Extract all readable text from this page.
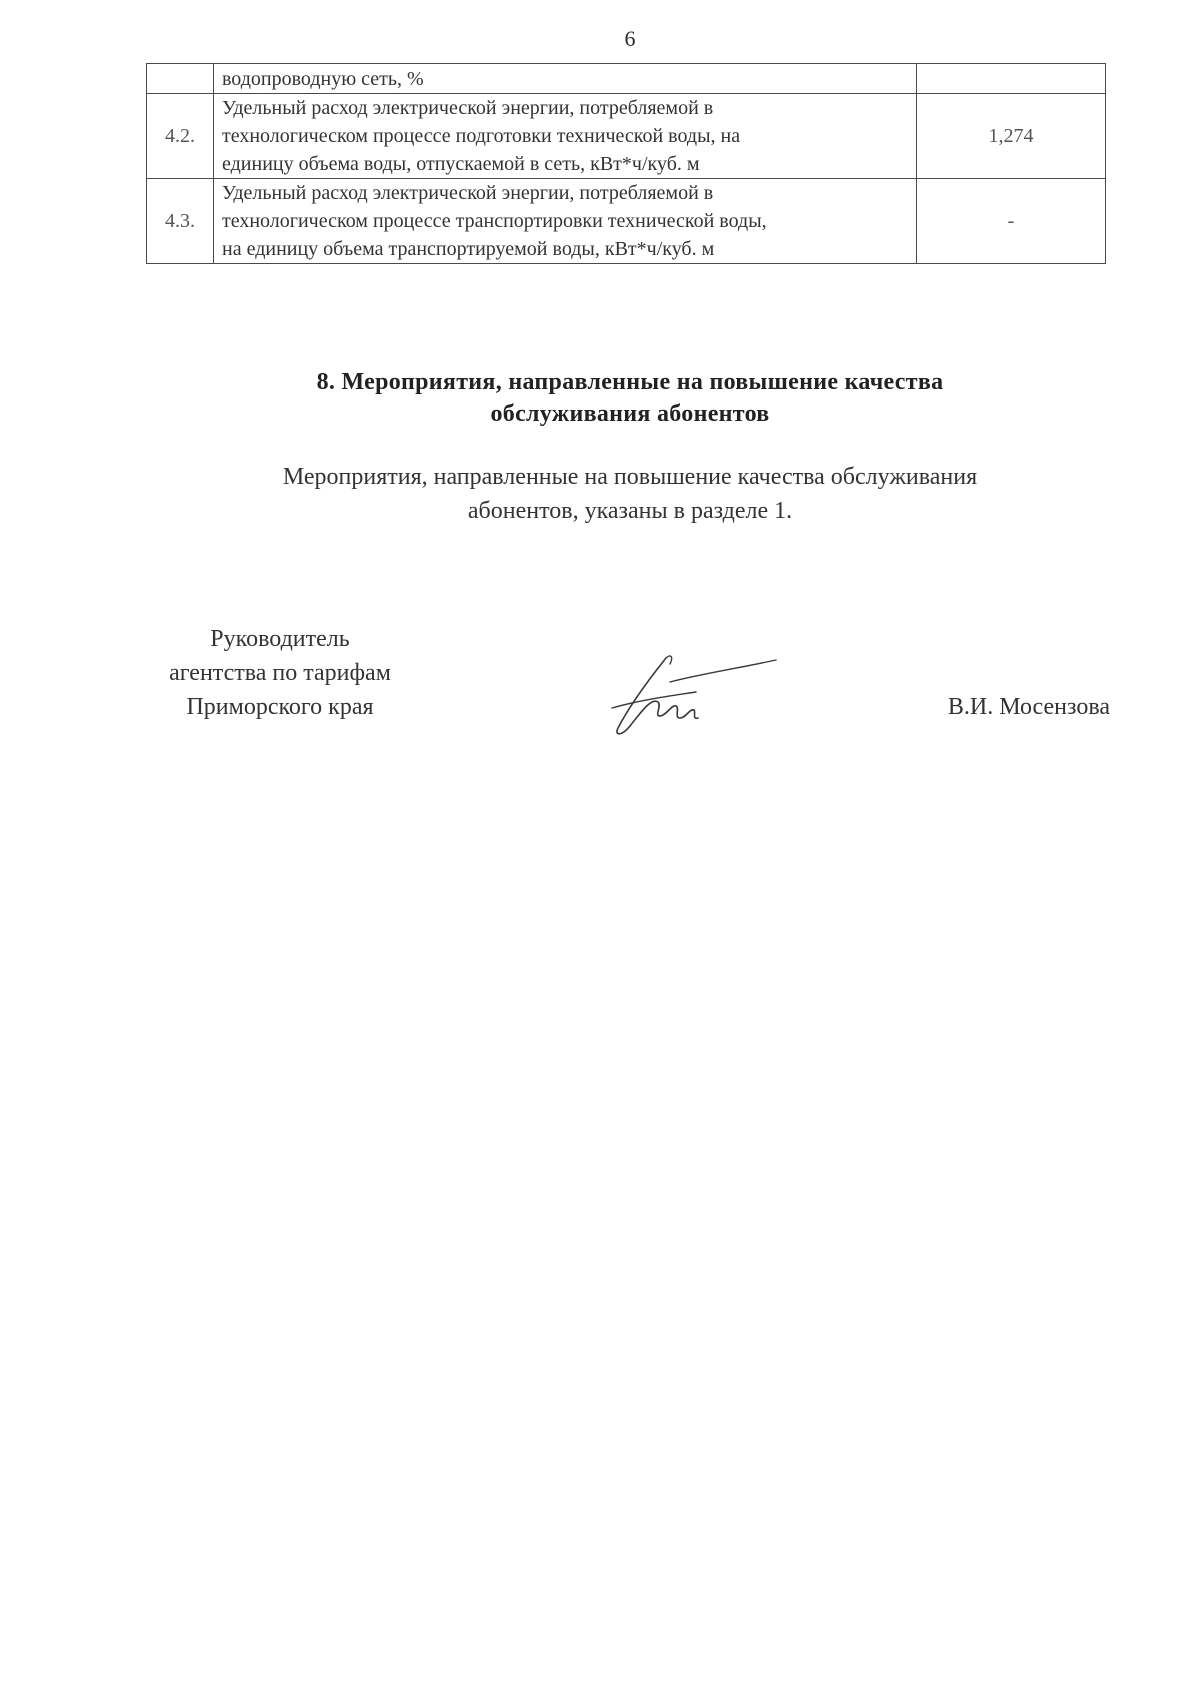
6
	водопроводную сеть, %	
4.2.	Удельный расход электрической энергии, потребляемой в
технологическом процессе подготовки технической воды, на
единицу объема воды, отпускаемой в сеть, кВт*ч/куб. м	1,274
4.3.	Удельный расход электрической энергии, потребляемой в
технологическом процессе транспортировки технической воды,
на единицу объема транспортируемой воды, кВт*ч/куб. м	-
8. Мероприятия, направленные на повышение качества
обслуживания абонентов
Мероприятия, направленные на повышение качества обслуживания
абонентов, указаны в разделе 1.
Руководитель
агентства по тарифам
Приморского края	В.И. Мосензова
